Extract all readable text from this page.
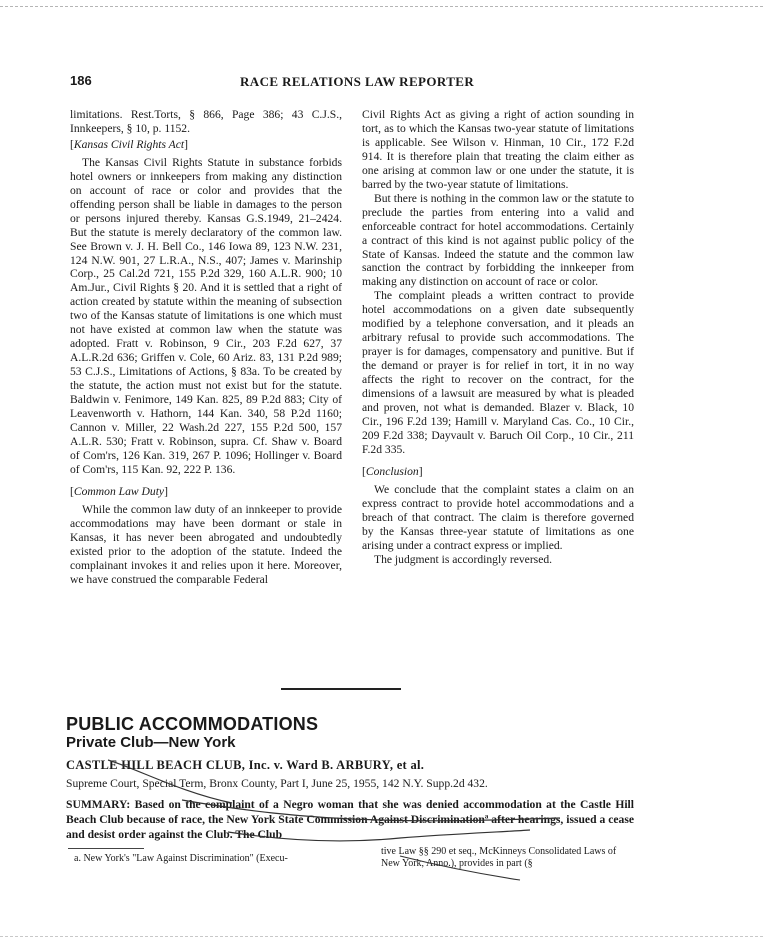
186	RACE RELATIONS LAW REPORTER

limitations. Rest.Torts, § 866, Page 386; 43 C.J.S., Innkeepers, § 10, p. 1152.

[Kansas Civil Rights Act]

The Kansas Civil Rights Statute in substance forbids hotel owners or innkeepers from making any distinction on account of race or color and provides that the offending person shall be liable in damages to the person or persons injured thereby. Kansas G.S.1949, 21–2424. But the statute is merely declaratory of the common law. See Brown v. J. H. Bell Co., 146 Iowa 89, 123 N.W. 231, 124 N.W. 901, 27 L.R.A., N.S., 407; James v. Marinship Corp., 25 Cal.2d 721, 155 P.2d 329, 160 A.L.R. 900; 10 Am.Jur., Civil Rights § 20. And it is settled that a right of action created by statute within the meaning of subsection two of the Kansas statute of limitations is one which must not have existed at common law when the statute was adopted. Fratt v. Robinson, 9 Cir., 203 F.2d 627, 37 A.L.R.2d 636; Griffen v. Cole, 60 Ariz. 83, 131 P.2d 989; 53 C.J.S., Limitations of Actions, § 83a. To be created by the statute, the action must not exist but for the statute. Baldwin v. Fenimore, 149 Kan. 825, 89 P.2d 883; City of Leavenworth v. Hathorn, 144 Kan. 340, 58 P.2d 1160; Cannon v. Miller, 22 Wash.2d 227, 155 P.2d 500, 157 A.L.R. 530; Fratt v. Robinson, supra. Cf. Shaw v. Board of Com'rs, 126 Kan. 319, 267 P. 1096; Hollinger v. Board of Com'rs, 115 Kan. 92, 222 P. 136.

[Common Law Duty]

While the common law duty of an innkeeper to provide accommodations may have been dormant or stale in Kansas, it has never been abrogated and undoubtedly existed prior to the adoption of the statute. Indeed the complainant invokes it and relies upon it here. Moreover, we have construed the comparable Federal

Civil Rights Act as giving a right of action sounding in tort, as to which the Kansas two-year statute of limitations is applicable. See Wilson v. Hinman, 10 Cir., 172 F.2d 914. It is therefore plain that treating the claim either as one arising at common law or one under the statute, it is barred by the two-year statute of limitations.

But there is nothing in the common law or the statute to preclude the parties from entering into a valid and enforceable contract for hotel accommodations. Certainly a contract of this kind is not against public policy of the State of Kansas. Indeed the statute and the common law sanction the contract by forbidding the innkeeper from making any distinction on account of race or color.

The complaint pleads a written contract to provide hotel accommodations on a given date subsequently modified by a telephone conversation, and it pleads an arbitrary refusal to provide such accommodations. The prayer is for damages, compensatory and punitive. But if the demand or prayer is for relief in tort, it in no way affects the right to recover on the contract, for the dimensions of a lawsuit are measured by what is pleaded and proven, not what is demanded. Blazer v. Black, 10 Cir., 196 F.2d 139; Hamill v. Maryland Cas. Co., 10 Cir., 209 F.2d 338; Dayvault v. Baruch Oil Corp., 10 Cir., 211 F.2d 335.

[Conclusion]

We conclude that the complaint states a claim on an express contract to provide hotel accommodations and a breach of that contract. The claim is therefore governed by the Kansas three-year statute of limitations as one arising under a contract express or implied.

The judgment is accordingly reversed.

PUBLIC ACCOMMODATIONS
Private Club—New York
CASTLE HILL BEACH CLUB, Inc. v. Ward B. ARBURY, et al.
Supreme Court, Special Term, Bronx County, Part I, June 25, 1955, 142 N.Y. Supp.2d 432.
SUMMARY: Based on the complaint of a Negro woman that she was denied accommodation at the Castle Hill Beach Club because of race, the New York State Commission Against Discriminationª after hearings, issued a cease and desist order against the Club. The Club
a. New York's "Law Against Discrimination" (Execu-
tive Law §§ 290 et seq., McKinneys Consolidated Laws of New York, Anno.), provides in part (§
